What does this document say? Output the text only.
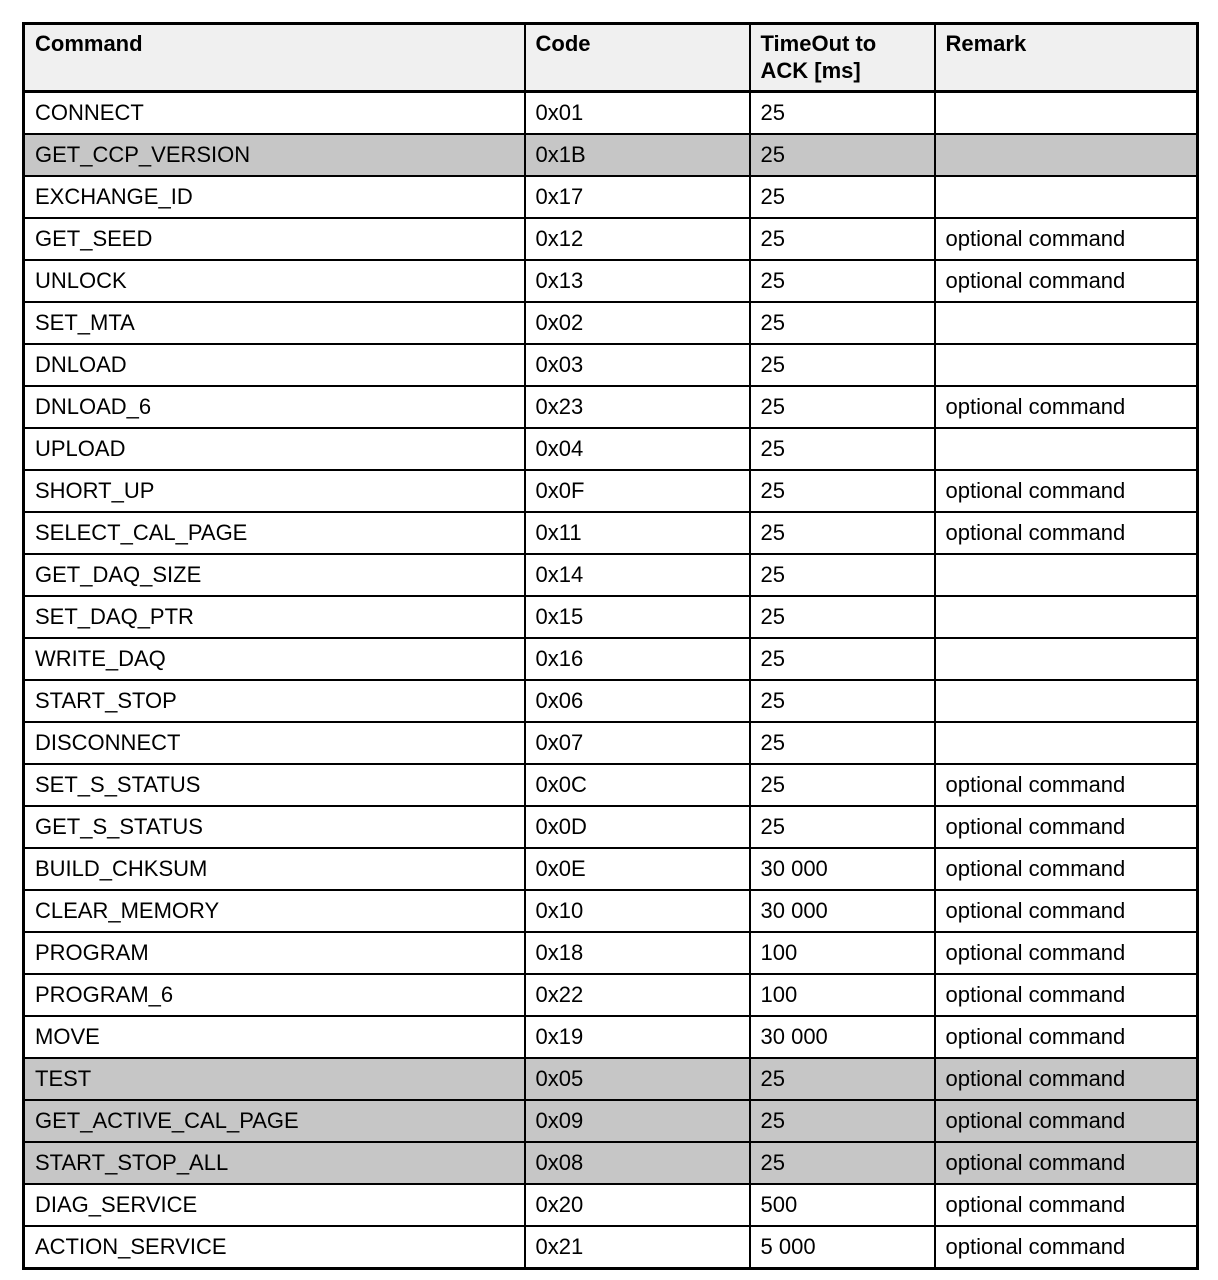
Command	Code	TimeOut to ACK [ms]	Remark
CONNECT	0x01	25	
GET_CCP_VERSION	0x1B	25	
EXCHANGE_ID	0x17	25	
GET_SEED	0x12	25	optional command
UNLOCK	0x13	25	optional command
SET_MTA	0x02	25	
DNLOAD	0x03	25	
DNLOAD_6	0x23	25	optional command
UPLOAD	0x04	25	
SHORT_UP	0x0F	25	optional command
SELECT_CAL_PAGE	0x11	25	optional command
GET_DAQ_SIZE	0x14	25	
SET_DAQ_PTR	0x15	25	
WRITE_DAQ	0x16	25	
START_STOP	0x06	25	
DISCONNECT	0x07	25	
SET_S_STATUS	0x0C	25	optional command
GET_S_STATUS	0x0D	25	optional command
BUILD_CHKSUM	0x0E	30 000	optional command
CLEAR_MEMORY	0x10	30 000	optional command
PROGRAM	0x18	100	optional command
PROGRAM_6	0x22	100	optional command
MOVE	0x19	30 000	optional command
TEST	0x05	25	optional command
GET_ACTIVE_CAL_PAGE	0x09	25	optional command
START_STOP_ALL	0x08	25	optional command
DIAG_SERVICE	0x20	500	optional command
ACTION_SERVICE	0x21	5 000	optional command
